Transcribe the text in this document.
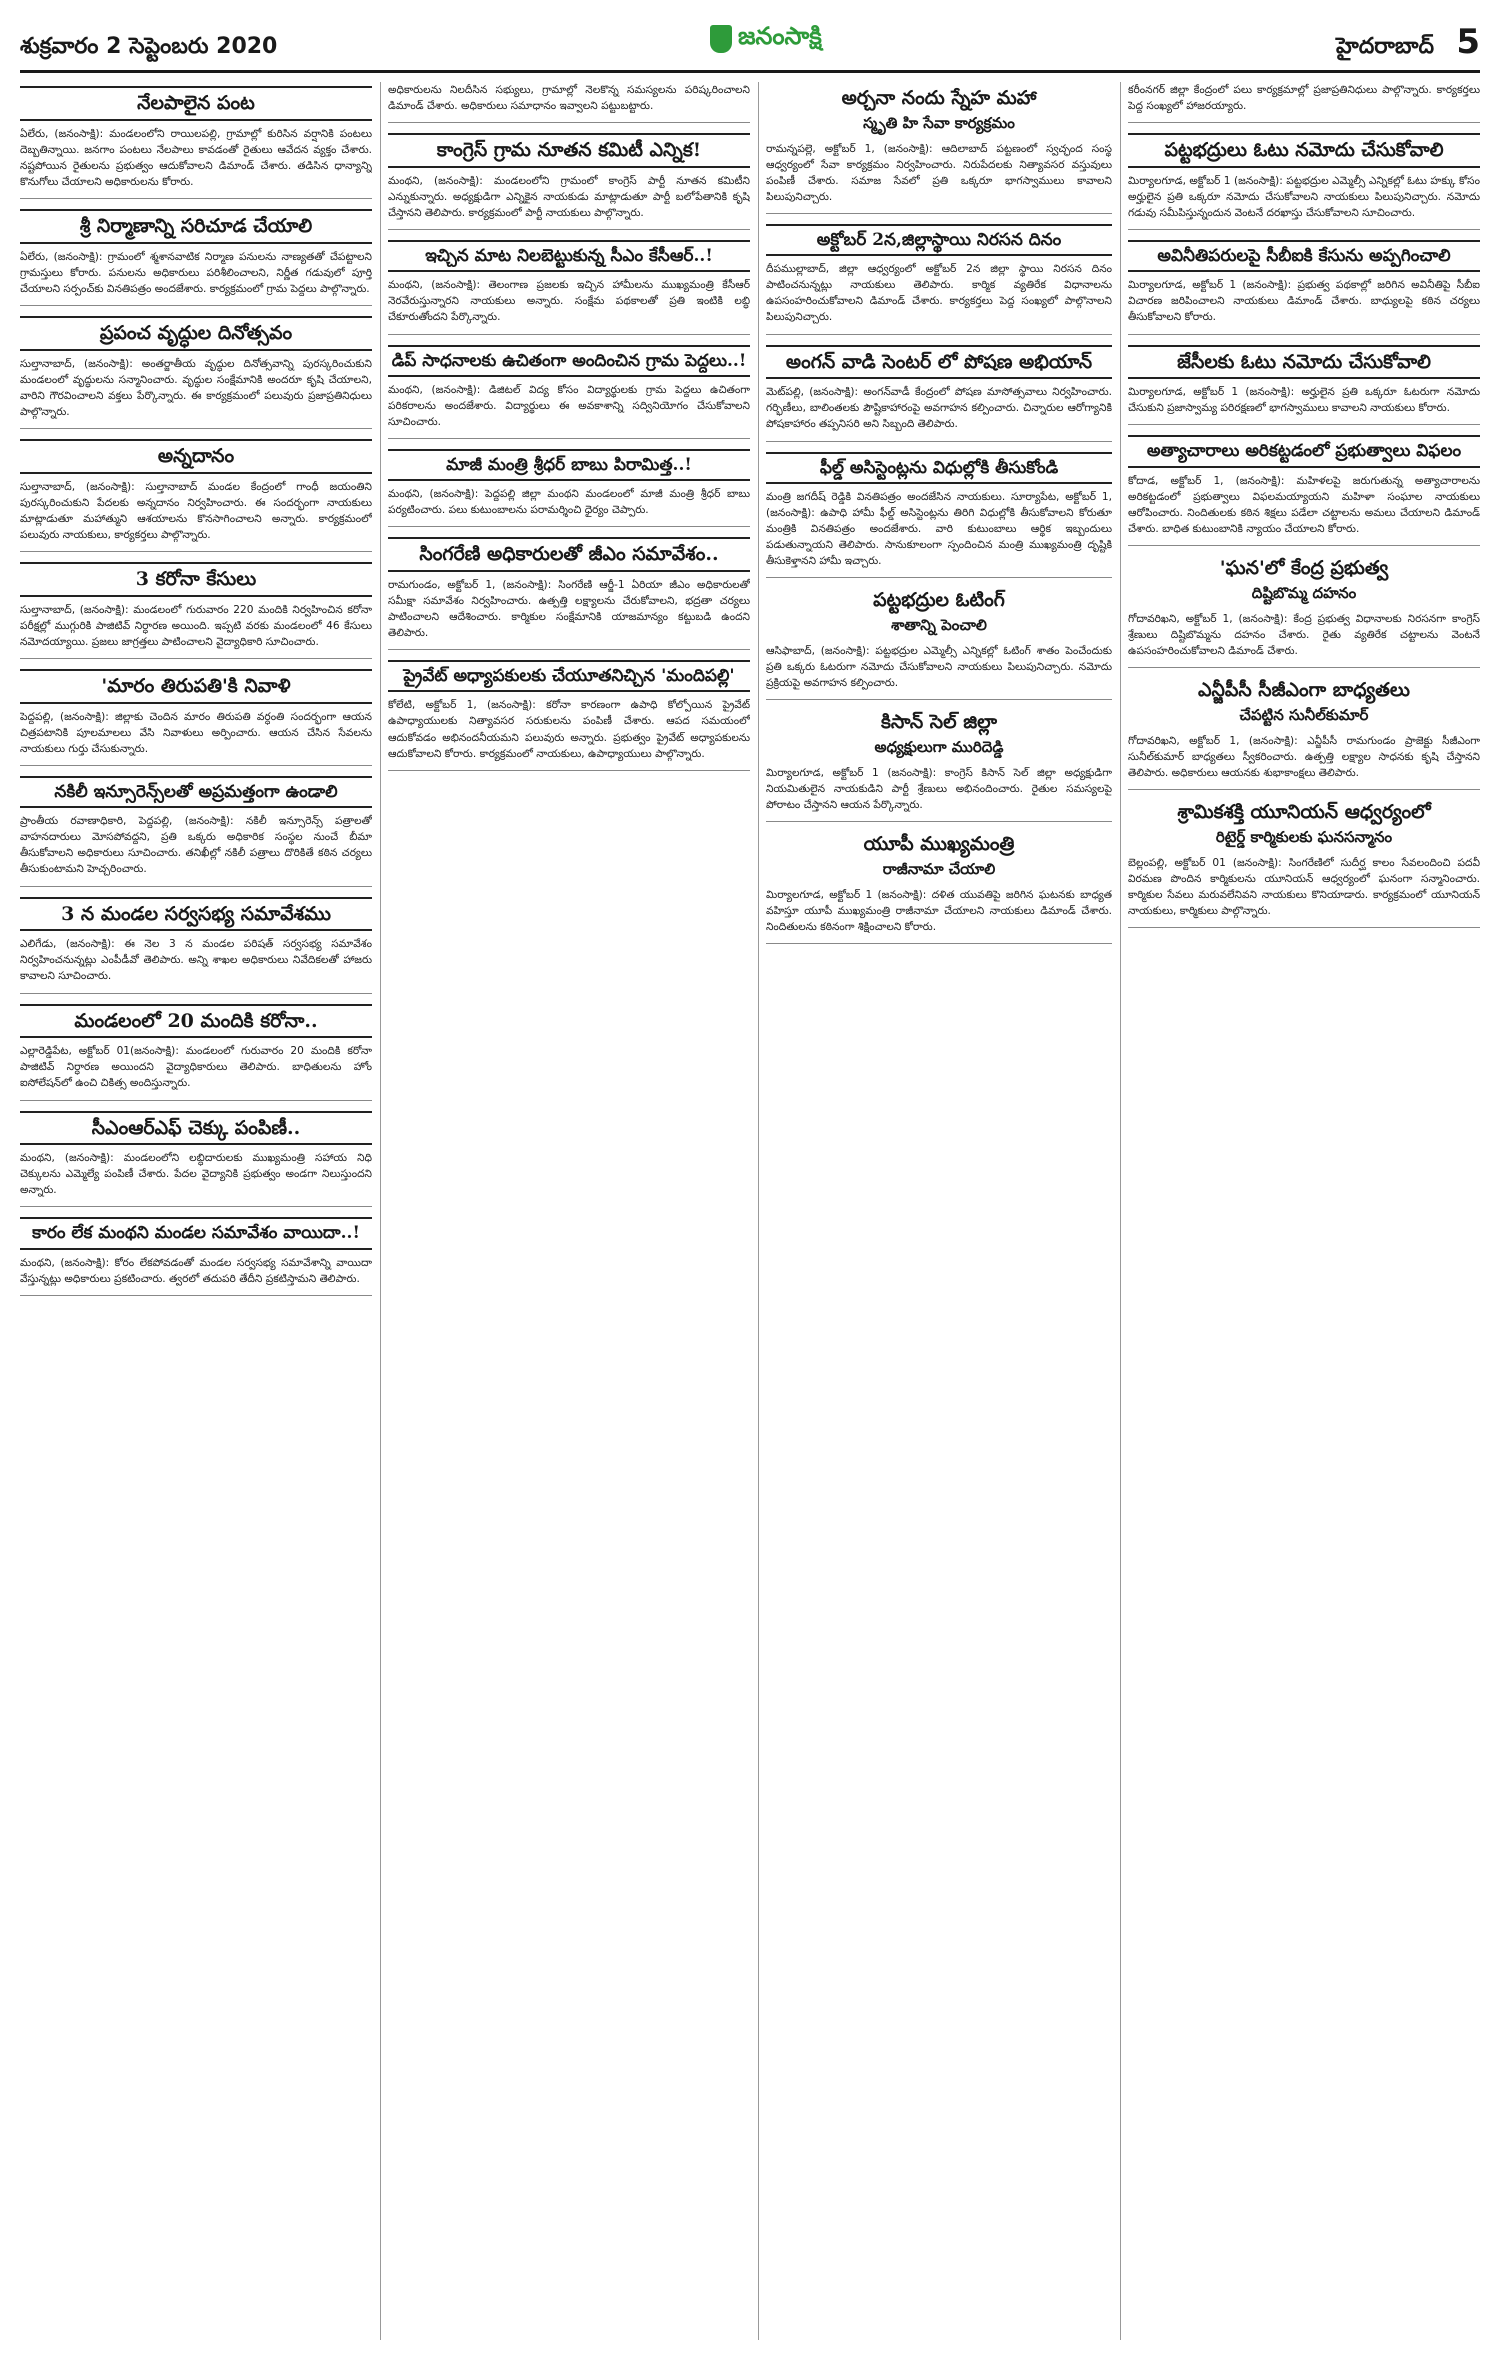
శుక్రవారం 2 సెప్టెంబరు 2020	జనంసాక్షి	హైదరాబాద్ 5
నేలపాలైన పంట

ఏలేరు, (జనంసాక్షి): మండలంలోని రాయిలపల్లి, గ్రామాల్లో కురిసిన వర్షానికి పంటలు దెబ్బతిన్నాయి. జనగాం పంటలు నేలపాలు కావడంతో రైతులు ఆవేదన వ్యక్తం చేశారు. నష్టపోయిన రైతులను ప్రభుత్వం ఆదుకోవాలని డిమాండ్ చేశారు. తడిసిన ధాన్యాన్ని కొనుగోలు చేయాలని అధికారులను కోరారు.

శ్రీ నిర్మాణాన్ని సరిచూడ చేయాలి

ఏలేరు, (జనంసాక్షి): గ్రామంలో శ్మశానవాటిక నిర్మాణ పనులను నాణ్యతతో చేపట్టాలని గ్రామస్తులు కోరారు. పనులను అధికారులు పరిశీలించాలని, నిర్ణీత గడువులో పూర్తి చేయాలని సర్పంచ్‌కు వినతిపత్రం అందజేశారు. కార్యక్రమంలో గ్రామ పెద్దలు పాల్గొన్నారు.

ప్రపంచ వృద్ధుల దినోత్సవం

సుల్తానాబాద్, (జనంసాక్షి): అంతర్జాతీయ వృద్ధుల దినోత్సవాన్ని పురస్కరించుకుని మండలంలో వృద్ధులను సన్మానించారు. వృద్ధుల సంక్షేమానికి అందరూ కృషి చేయాలని, వారిని గౌరవించాలని వక్తలు పేర్కొన్నారు. ఈ కార్యక్రమంలో పలువురు ప్రజాప్రతినిధులు పాల్గొన్నారు.

అన్నదానం

సుల్తానాబాద్, (జనంసాక్షి): సుల్తానాబాద్ మండల కేంద్రంలో గాంధీ జయంతిని పురస్కరించుకుని పేదలకు అన్నదానం నిర్వహించారు. ఈ సందర్భంగా నాయకులు మాట్లాడుతూ మహాత్ముని ఆశయాలను కొనసాగించాలని అన్నారు. కార్యక్రమంలో పలువురు నాయకులు, కార్యకర్తలు పాల్గొన్నారు.

3 కరోనా కేసులు

సుల్తానాబాద్, (జనంసాక్షి): మండలంలో గురువారం 220 మందికి నిర్వహించిన కరోనా పరీక్షల్లో ముగ్గురికి పాజిటివ్ నిర్ధారణ అయింది. ఇప్పటి వరకు మండలంలో 46 కేసులు నమోదయ్యాయి. ప్రజలు జాగ్రత్తలు పాటించాలని వైద్యాధికారి సూచించారు.

'మారం తిరుపతి'కి నివాళి

పెద్దపల్లి, (జనంసాక్షి): జిల్లాకు చెందిన మారం తిరుపతి వర్ధంతి సందర్భంగా ఆయన చిత్రపటానికి పూలమాలలు వేసి నివాళులు అర్పించారు. ఆయన చేసిన సేవలను నాయకులు గుర్తు చేసుకున్నారు.

నకిలీ ఇన్సూరెన్స్‌లతో అప్రమత్తంగా ఉండాలి

ప్రాంతీయ రవాణాధికారి, పెద్దపల్లి, (జనంసాక్షి): నకిలీ ఇన్సూరెన్స్ పత్రాలతో వాహనదారులు మోసపోవద్దని, ప్రతి ఒక్కరు అధికారిక సంస్థల నుంచే బీమా తీసుకోవాలని అధికారులు సూచించారు. తనిఖీల్లో నకిలీ పత్రాలు దొరికితే కఠిన చర్యలు తీసుకుంటామని హెచ్చరించారు.

3 న మండల సర్వసభ్య సమావేశము

ఎలిగేడు, (జనంసాక్షి): ఈ నెల 3 న మండల పరిషత్ సర్వసభ్య సమావేశం నిర్వహించనున్నట్లు ఎంపీడీవో తెలిపారు. అన్ని శాఖల అధికారులు నివేదికలతో హాజరు కావాలని సూచించారు.

మండలంలో 20 మందికి కరోనా..

ఎల్లారెడ్డిపేట, అక్టోబర్ 01(జనంసాక్షి): మండలంలో గురువారం 20 మందికి కరోనా పాజిటివ్ నిర్ధారణ అయిందని వైద్యాధికారులు తెలిపారు. బాధితులను హోం ఐసోలేషన్‌లో ఉంచి చికిత్స అందిస్తున్నారు.

సీఎంఆర్ఎఫ్ చెక్కు పంపిణీ..

మంథని, (జనంసాక్షి): మండలంలోని లబ్ధిదారులకు ముఖ్యమంత్రి సహాయ నిధి చెక్కులను ఎమ్మెల్యే పంపిణీ చేశారు. పేదల వైద్యానికి ప్రభుత్వం అండగా నిలుస్తుందని అన్నారు.

కారం లేక మంథని మండల సమావేశం వాయిదా..!

మంథని, (జనంసాక్షి): కోరం లేకపోవడంతో మండల సర్వసభ్య సమావేశాన్ని వాయిదా వేస్తున్నట్లు అధికారులు ప్రకటించారు. త్వరలో తదుపరి తేదీని ప్రకటిస్తామని తెలిపారు.

అధికారులను నిలదీసిన సభ్యులు, గ్రామాల్లో నెలకొన్న సమస్యలను పరిష్కరించాలని డిమాండ్ చేశారు. అధికారులు సమాధానం ఇవ్వాలని పట్టుబట్టారు.

కాంగ్రెస్ గ్రామ నూతన కమిటీ ఎన్నిక!

మంథని, (జనంసాక్షి): మండలంలోని గ్రామంలో కాంగ్రెస్ పార్టీ నూతన కమిటీని ఎన్నుకున్నారు. అధ్యక్షుడిగా ఎన్నికైన నాయకుడు మాట్లాడుతూ పార్టీ బలోపేతానికి కృషి చేస్తానని తెలిపారు. కార్యక్రమంలో పార్టీ నాయకులు పాల్గొన్నారు.

ఇచ్చిన మాట నిలబెట్టుకున్న సీఎం కేసీఆర్..!

మంథని, (జనంసాక్షి): తెలంగాణ ప్రజలకు ఇచ్చిన హామీలను ముఖ్యమంత్రి కేసీఆర్ నెరవేరుస్తున్నారని నాయకులు అన్నారు. సంక్షేమ పథకాలతో ప్రతి ఇంటికి లబ్ధి చేకూరుతోందని పేర్కొన్నారు.

డిప్ సాధనాలకు ఉచితంగా అందించిన గ్రామ పెద్దలు..!

మంథని, (జనంసాక్షి): డిజిటల్ విద్య కోసం విద్యార్థులకు గ్రామ పెద్దలు ఉచితంగా పరికరాలను అందజేశారు. విద్యార్థులు ఈ అవకాశాన్ని సద్వినియోగం చేసుకోవాలని సూచించారు.

మాజీ మంత్రి శ్రీధర్ బాబు పిరామిత్త..!

మంథని, (జనంసాక్షి): పెద్దపల్లి జిల్లా మంథని మండలంలో మాజీ మంత్రి శ్రీధర్ బాబు పర్యటించారు. పలు కుటుంబాలను పరామర్శించి ధైర్యం చెప్పారు.

సింగరేణి అధికారులతో జీఎం సమావేశం..

రామగుండం, అక్టోబర్ 1, (జనంసాక్షి): సింగరేణి ఆర్జీ-1 ఏరియా జీఎం అధికారులతో సమీక్షా సమావేశం నిర్వహించారు. ఉత్పత్తి లక్ష్యాలను చేరుకోవాలని, భద్రతా చర్యలు పాటించాలని ఆదేశించారు. కార్మికుల సంక్షేమానికి యాజమాన్యం కట్టుబడి ఉందని తెలిపారు.

ప్రైవేట్ అధ్యాపకులకు చేయూతనిచ్చిన 'మందిపల్లి'

కోలేటి, అక్టోబర్ 1, (జనంసాక్షి): కరోనా కారణంగా ఉపాధి కోల్పోయిన ప్రైవేట్ ఉపాధ్యాయులకు నిత్యావసర సరుకులను పంపిణీ చేశారు. ఆపద సమయంలో ఆదుకోవడం అభినందనీయమని పలువురు అన్నారు. ప్రభుత్వం ప్రైవేట్ అధ్యాపకులను ఆదుకోవాలని కోరారు. కార్యక్రమంలో నాయకులు, ఉపాధ్యాయులు పాల్గొన్నారు.

అర్చనా నందు స్నేహ మహా
స్మృతి హి సేవా కార్యక్రమం

రామన్నపల్లె, అక్టోబర్ 1, (జనంసాక్షి): ఆదిలాబాద్ పట్టణంలో స్వచ్ఛంద సంస్థ ఆధ్వర్యంలో సేవా కార్యక్రమం నిర్వహించారు. నిరుపేదలకు నిత్యావసర వస్తువులు పంపిణీ చేశారు. సమాజ సేవలో ప్రతి ఒక్కరూ భాగస్వాములు కావాలని పిలుపునిచ్చారు.

అక్టోబర్ 2న,జిల్లాస్థాయి నిరసన దినం

దీపముల్లాబాద్, జిల్లా ఆధ్వర్యంలో అక్టోబర్ 2న జిల్లా స్థాయి నిరసన దినం పాటించనున్నట్లు నాయకులు తెలిపారు. కార్మిక వ్యతిరేక విధానాలను ఉపసంహరించుకోవాలని డిమాండ్ చేశారు. కార్యకర్తలు పెద్ద సంఖ్యలో పాల్గొనాలని పిలుపునిచ్చారు.

అంగన్ వాడి సెంటర్ లో పోషణ అభియాన్

మెట్‌పల్లి, (జనంసాక్షి): అంగన్‌వాడీ కేంద్రంలో పోషణ మాసోత్సవాలు నిర్వహించారు. గర్భిణీలు, బాలింతలకు పౌష్టికాహారంపై అవగాహన కల్పించారు. చిన్నారుల ఆరోగ్యానికి పోషకాహారం తప్పనిసరి అని సిబ్బంది తెలిపారు.

ఫీల్డ్ అసిస్టెంట్లను విధుల్లోకి తీసుకోండి

మంత్రి జగదీష్ రెడ్డికి వినతిపత్రం అందజేసిన నాయకులు. సూర్యాపేట, అక్టోబర్ 1, (జనంసాక్షి): ఉపాధి హామీ ఫీల్డ్ అసిస్టెంట్లను తిరిగి విధుల్లోకి తీసుకోవాలని కోరుతూ మంత్రికి వినతిపత్రం అందజేశారు. వారి కుటుంబాలు ఆర్థిక ఇబ్బందులు పడుతున్నాయని తెలిపారు. సానుకూలంగా స్పందించిన మంత్రి ముఖ్యమంత్రి దృష్టికి తీసుకెళ్తానని హామీ ఇచ్చారు.

పట్టభద్రుల ఓటింగ్
శాతాన్ని పెంచాలి

ఆసిఫాబాద్, (జనంసాక్షి): పట్టభద్రుల ఎమ్మెల్సీ ఎన్నికల్లో ఓటింగ్ శాతం పెంచేందుకు ప్రతి ఒక్కరు ఓటరుగా నమోదు చేసుకోవాలని నాయకులు పిలుపునిచ్చారు. నమోదు ప్రక్రియపై అవగాహన కల్పించారు.

కిసాన్ సెల్ జిల్లా
అధ్యక్షులుగా మురిదెడ్డి

మిర్యాలగూడ, అక్టోబర్ 1 (జనంసాక్షి): కాంగ్రెస్ కిసాన్ సెల్ జిల్లా అధ్యక్షుడిగా నియమితులైన నాయకుడిని పార్టీ శ్రేణులు అభినందించారు. రైతుల సమస్యలపై పోరాటం చేస్తానని ఆయన పేర్కొన్నారు.

యూపీ ముఖ్యమంత్రి
రాజీనామా చేయాలి

మిర్యాలగూడ, అక్టోబర్ 1 (జనంసాక్షి): దళిత యువతిపై జరిగిన ఘటనకు బాధ్యత వహిస్తూ యూపీ ముఖ్యమంత్రి రాజీనామా చేయాలని నాయకులు డిమాండ్ చేశారు. నిందితులను కఠినంగా శిక్షించాలని కోరారు.

కరీంనగర్ జిల్లా కేంద్రంలో పలు కార్యక్రమాల్లో ప్రజాప్రతినిధులు పాల్గొన్నారు. కార్యకర్తలు పెద్ద సంఖ్యలో హాజరయ్యారు.

పట్టభద్రులు ఓటు నమోదు చేసుకోవాలి

మిర్యాలగూడ, అక్టోబర్ 1 (జనంసాక్షి): పట్టభద్రుల ఎమ్మెల్సీ ఎన్నికల్లో ఓటు హక్కు కోసం అర్హులైన ప్రతి ఒక్కరూ నమోదు చేసుకోవాలని నాయకులు పిలుపునిచ్చారు. నమోదు గడువు సమీపిస్తున్నందున వెంటనే దరఖాస్తు చేసుకోవాలని సూచించారు.

అవినీతిపరులపై సీబీఐకి కేసును అప్పగించాలి

మిర్యాలగూడ, అక్టోబర్ 1 (జనంసాక్షి): ప్రభుత్వ పథకాల్లో జరిగిన అవినీతిపై సీబీఐ విచారణ జరిపించాలని నాయకులు డిమాండ్ చేశారు. బాధ్యులపై కఠిన చర్యలు తీసుకోవాలని కోరారు.

జేసీలకు ఓటు నమోదు చేసుకోవాలి

మిర్యాలగూడ, అక్టోబర్ 1 (జనంసాక్షి): అర్హులైన ప్రతి ఒక్కరూ ఓటరుగా నమోదు చేసుకుని ప్రజాస్వామ్య పరిరక్షణలో భాగస్వాములు కావాలని నాయకులు కోరారు.

అత్యాచారాలు అరికట్టడంలో ప్రభుత్వాలు విఫలం

కోదాడ, అక్టోబర్ 1, (జనంసాక్షి): మహిళలపై జరుగుతున్న అత్యాచారాలను అరికట్టడంలో ప్రభుత్వాలు విఫలమయ్యాయని మహిళా సంఘాల నాయకులు ఆరోపించారు. నిందితులకు కఠిన శిక్షలు పడేలా చట్టాలను అమలు చేయాలని డిమాండ్ చేశారు. బాధిత కుటుంబానికి న్యాయం చేయాలని కోరారు.

'ఘన'లో కేంద్ర ప్రభుత్వ
దిష్టిబొమ్మ దహనం

గోదావరిఖని, అక్టోబర్ 1, (జనంసాక్షి): కేంద్ర ప్రభుత్వ విధానాలకు నిరసనగా కాంగ్రెస్ శ్రేణులు దిష్టిబొమ్మను దహనం చేశారు. రైతు వ్యతిరేక చట్టాలను వెంటనే ఉపసంహరించుకోవాలని డిమాండ్ చేశారు.

ఎన్జీపీసీ సీజీఎంగా బాధ్యతలు
చేపట్టిన సునీల్‌కుమార్

గోదావరిఖని, అక్టోబర్ 1, (జనంసాక్షి): ఎన్జీపీసీ రామగుండం ప్రాజెక్టు సీజీఎంగా సునీల్‌కుమార్ బాధ్యతలు స్వీకరించారు. ఉత్పత్తి లక్ష్యాల సాధనకు కృషి చేస్తానని తెలిపారు. అధికారులు ఆయనకు శుభాకాంక్షలు తెలిపారు.

శ్రామికశక్తి యూనియన్ ఆధ్వర్యంలో
రిటైర్డ్ కార్మికులకు ఘనసన్మానం

బెల్లంపల్లి, అక్టోబర్ 01 (జనంసాక్షి): సింగరేణిలో సుదీర్ఘ కాలం సేవలందించి పదవీ విరమణ పొందిన కార్మికులను యూనియన్ ఆధ్వర్యంలో ఘనంగా సన్మానించారు. కార్మికుల సేవలు మరువలేనివని నాయకులు కొనియాడారు. కార్యక్రమంలో యూనియన్ నాయకులు, కార్మికులు పాల్గొన్నారు.
